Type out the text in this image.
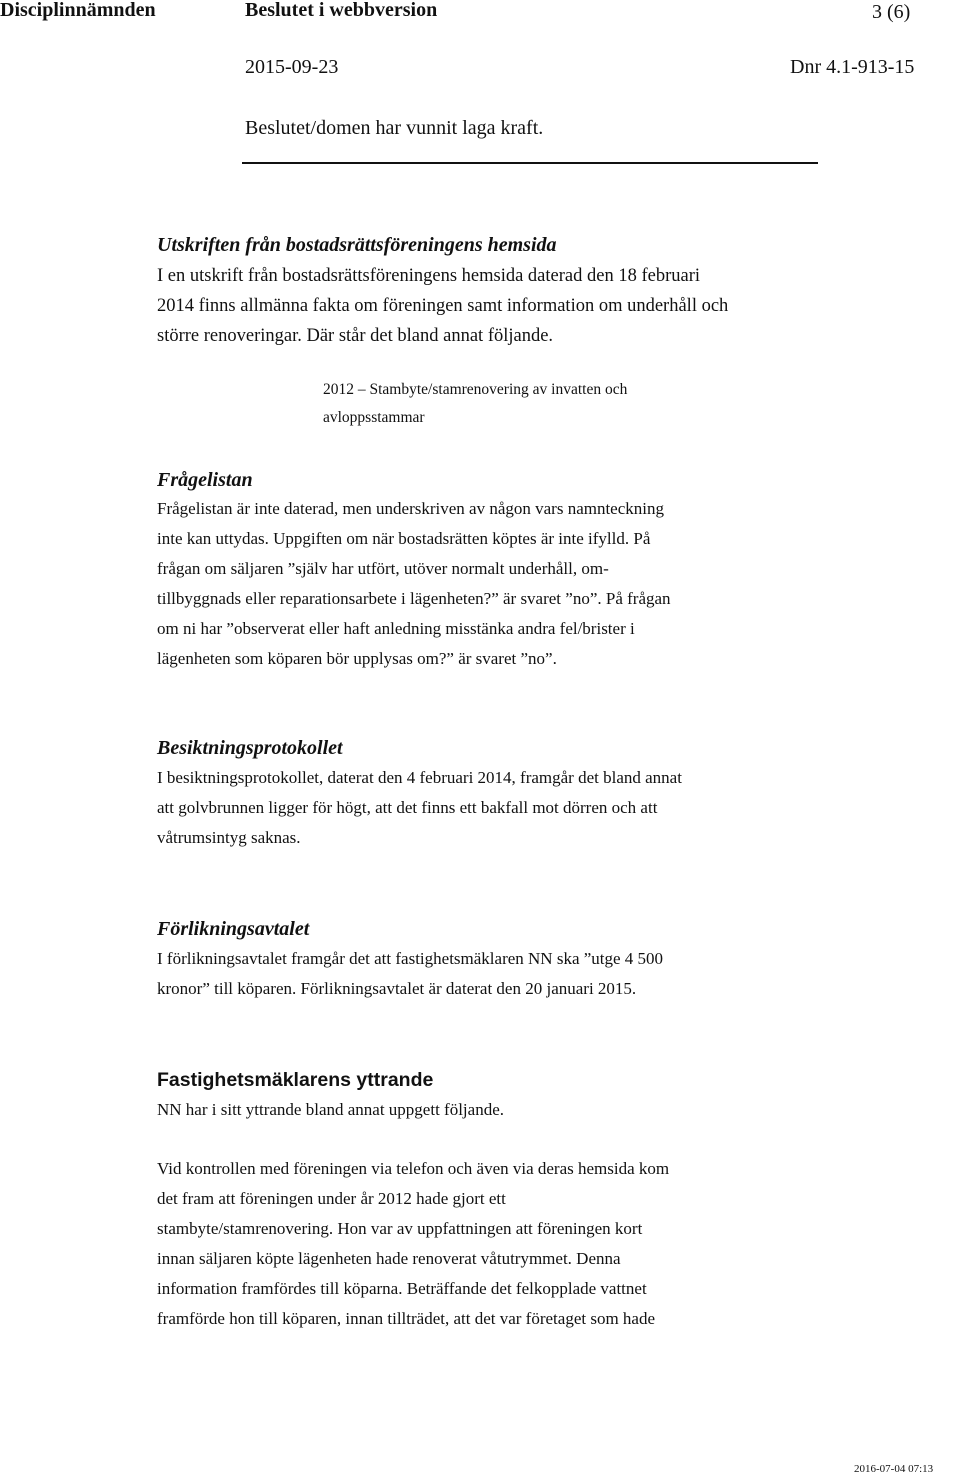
Disciplinnämnden	Beslutet i webbversion	3 (6)
2015-09-23	Dnr 4.1-913-15
Beslutet/domen har vunnit laga kraft.
Utskriften från bostadsrättsföreningens hemsida

I en utskrift från bostadsrättsföreningens hemsida daterad den 18 februari

2014 finns allmänna fakta om föreningen samt information om underhåll och

större renoveringar. Där står det bland annat följande.

2012 – Stambyte/stamrenovering av invatten och

avloppsstammar

Frågelistan

Frågelistan är inte daterad, men underskriven av någon vars namnteckning

inte kan uttydas. Uppgiften om när bostadsrätten köptes är inte ifylld. På

frågan om säljaren ”själv har utfört, utöver normalt underhåll, om-

tillbyggnads eller reparationsarbete i lägenheten?” är svaret ”no”. På frågan

om ni har ”observerat eller haft anledning misstänka andra fel/brister i

lägenheten som köparen bör upplysas om?” är svaret ”no”.

Besiktningsprotokollet

I besiktningsprotokollet, daterat den 4 februari 2014, framgår det bland annat

att golvbrunnen ligger för högt, att det finns ett bakfall mot dörren och att

våtrumsintyg saknas.

Förlikningsavtalet

I förlikningsavtalet framgår det att fastighetsmäklaren NN ska ”utge 4 500

kronor” till köparen. Förlikningsavtalet är daterat den 20 januari 2015.

Fastighetsmäklarens yttrande

NN har i sitt yttrande bland annat uppgett följande.

Vid kontrollen med föreningen via telefon och även via deras hemsida kom

det fram att föreningen under år 2012 hade gjort ett

stambyte/stamrenovering. Hon var av uppfattningen att föreningen kort

innan säljaren köpte lägenheten hade renoverat våtutrymmet. Denna

information framfördes till köparna. Beträffande det felkopplade vattnet

framförde hon till köparen, innan tillträdet, att det var företaget som hade

2016-07-04 07:13
